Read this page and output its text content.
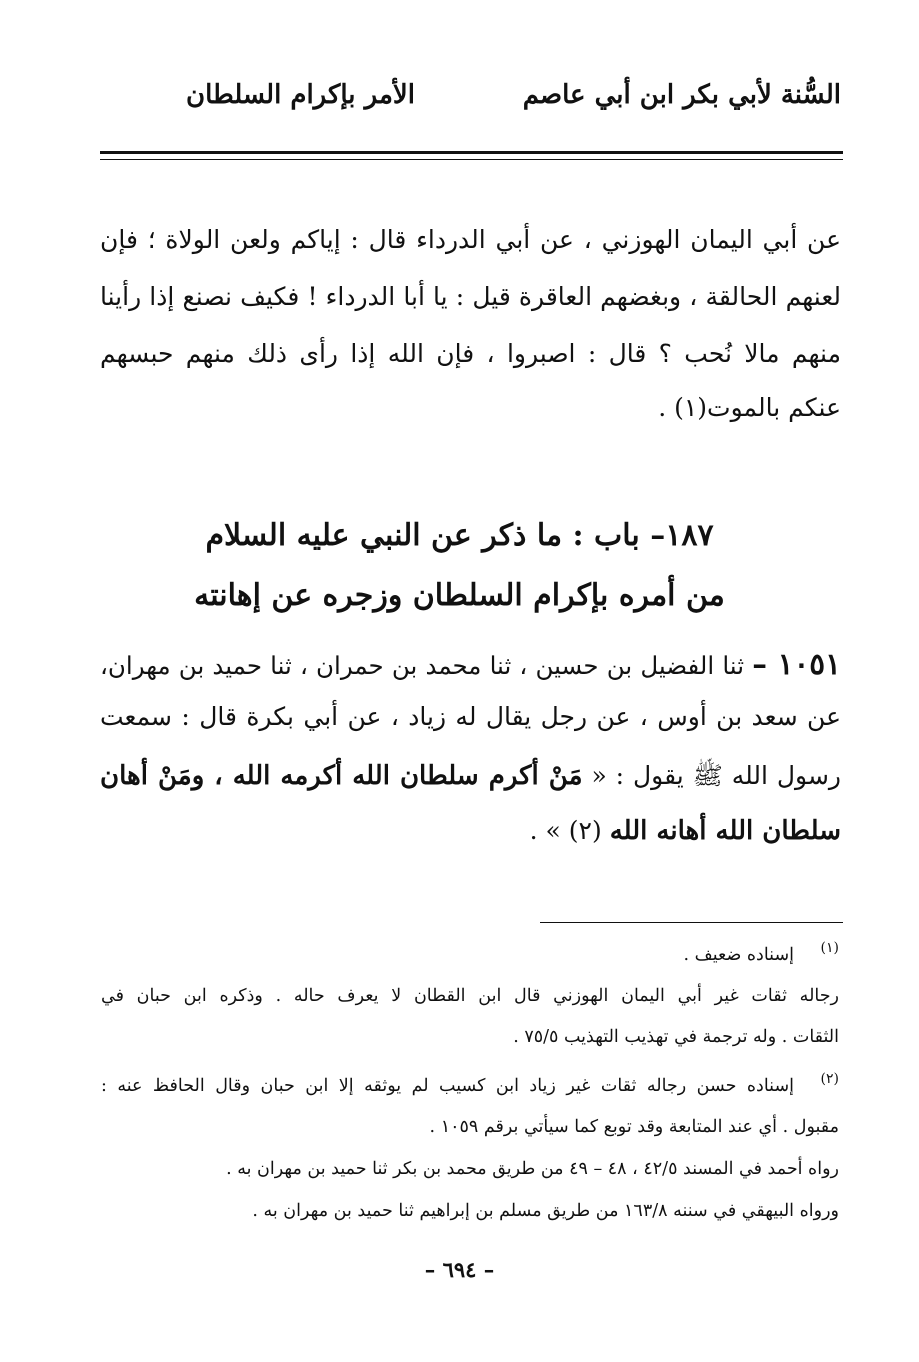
السُّنة لأبي بكر ابن أبي عاصم
الأمر بإكرام السلطان
عن أبي اليمان الهوزني ، عن أبي الدرداء قال : إياكم ولعن الولاة ؛ فإن
لعنهم الحالقة ، وبغضهم العاقرة قيل : يا أبا الدرداء ! فكيف نصنع إذا رأينا
منهم مالا نُحب ؟ قال : اصبروا ، فإن الله إذا رأى ذلك منهم حبسهم
عنكم بالموت(١) .
١٨٧– باب : ما ذكر عن النبي عليه السلام
من أمره بإكرام السلطان وزجره عن إهانته
١٠٥١ – ثنا الفضيل بن حسين ، ثنا محمد بن حمران ، ثنا حميد بن مهران،
عن سعد بن أوس ، عن رجل يقال له زياد ، عن أبي بكرة قال : سمعت
رسول الله ﷺ يقول : « مَنْ أكرم سلطان الله أكرمه الله ، ومَنْ أهان
سلطان الله أهانه الله (٢) » .
(١)
إسناده ضعيف .
رجاله ثقات غير أبي اليمان الهوزني قال ابن القطان لا يعرف حاله . وذكره ابن حبان في
الثقات . وله ترجمة في تهذيب التهذيب ٧٥/٥ .
(٢)
إسناده حسن رجاله ثقات غير زياد ابن كسيب لم يوثقه إلا ابن حبان وقال الحافظ عنه :
مقبول . أي عند المتابعة وقد توبع كما سيأتي برقم ١٠٥٩ .
رواه أحمد في المسند ٤٢/٥ ، ٤٨ – ٤٩ من طريق محمد بن بكر ثنا حميد بن مهران به .
ورواه البيهقي في سننه ١٦٣/٨ من طريق مسلم بن إبراهيم ثنا حميد بن مهران به .
– ٦٩٤ –
